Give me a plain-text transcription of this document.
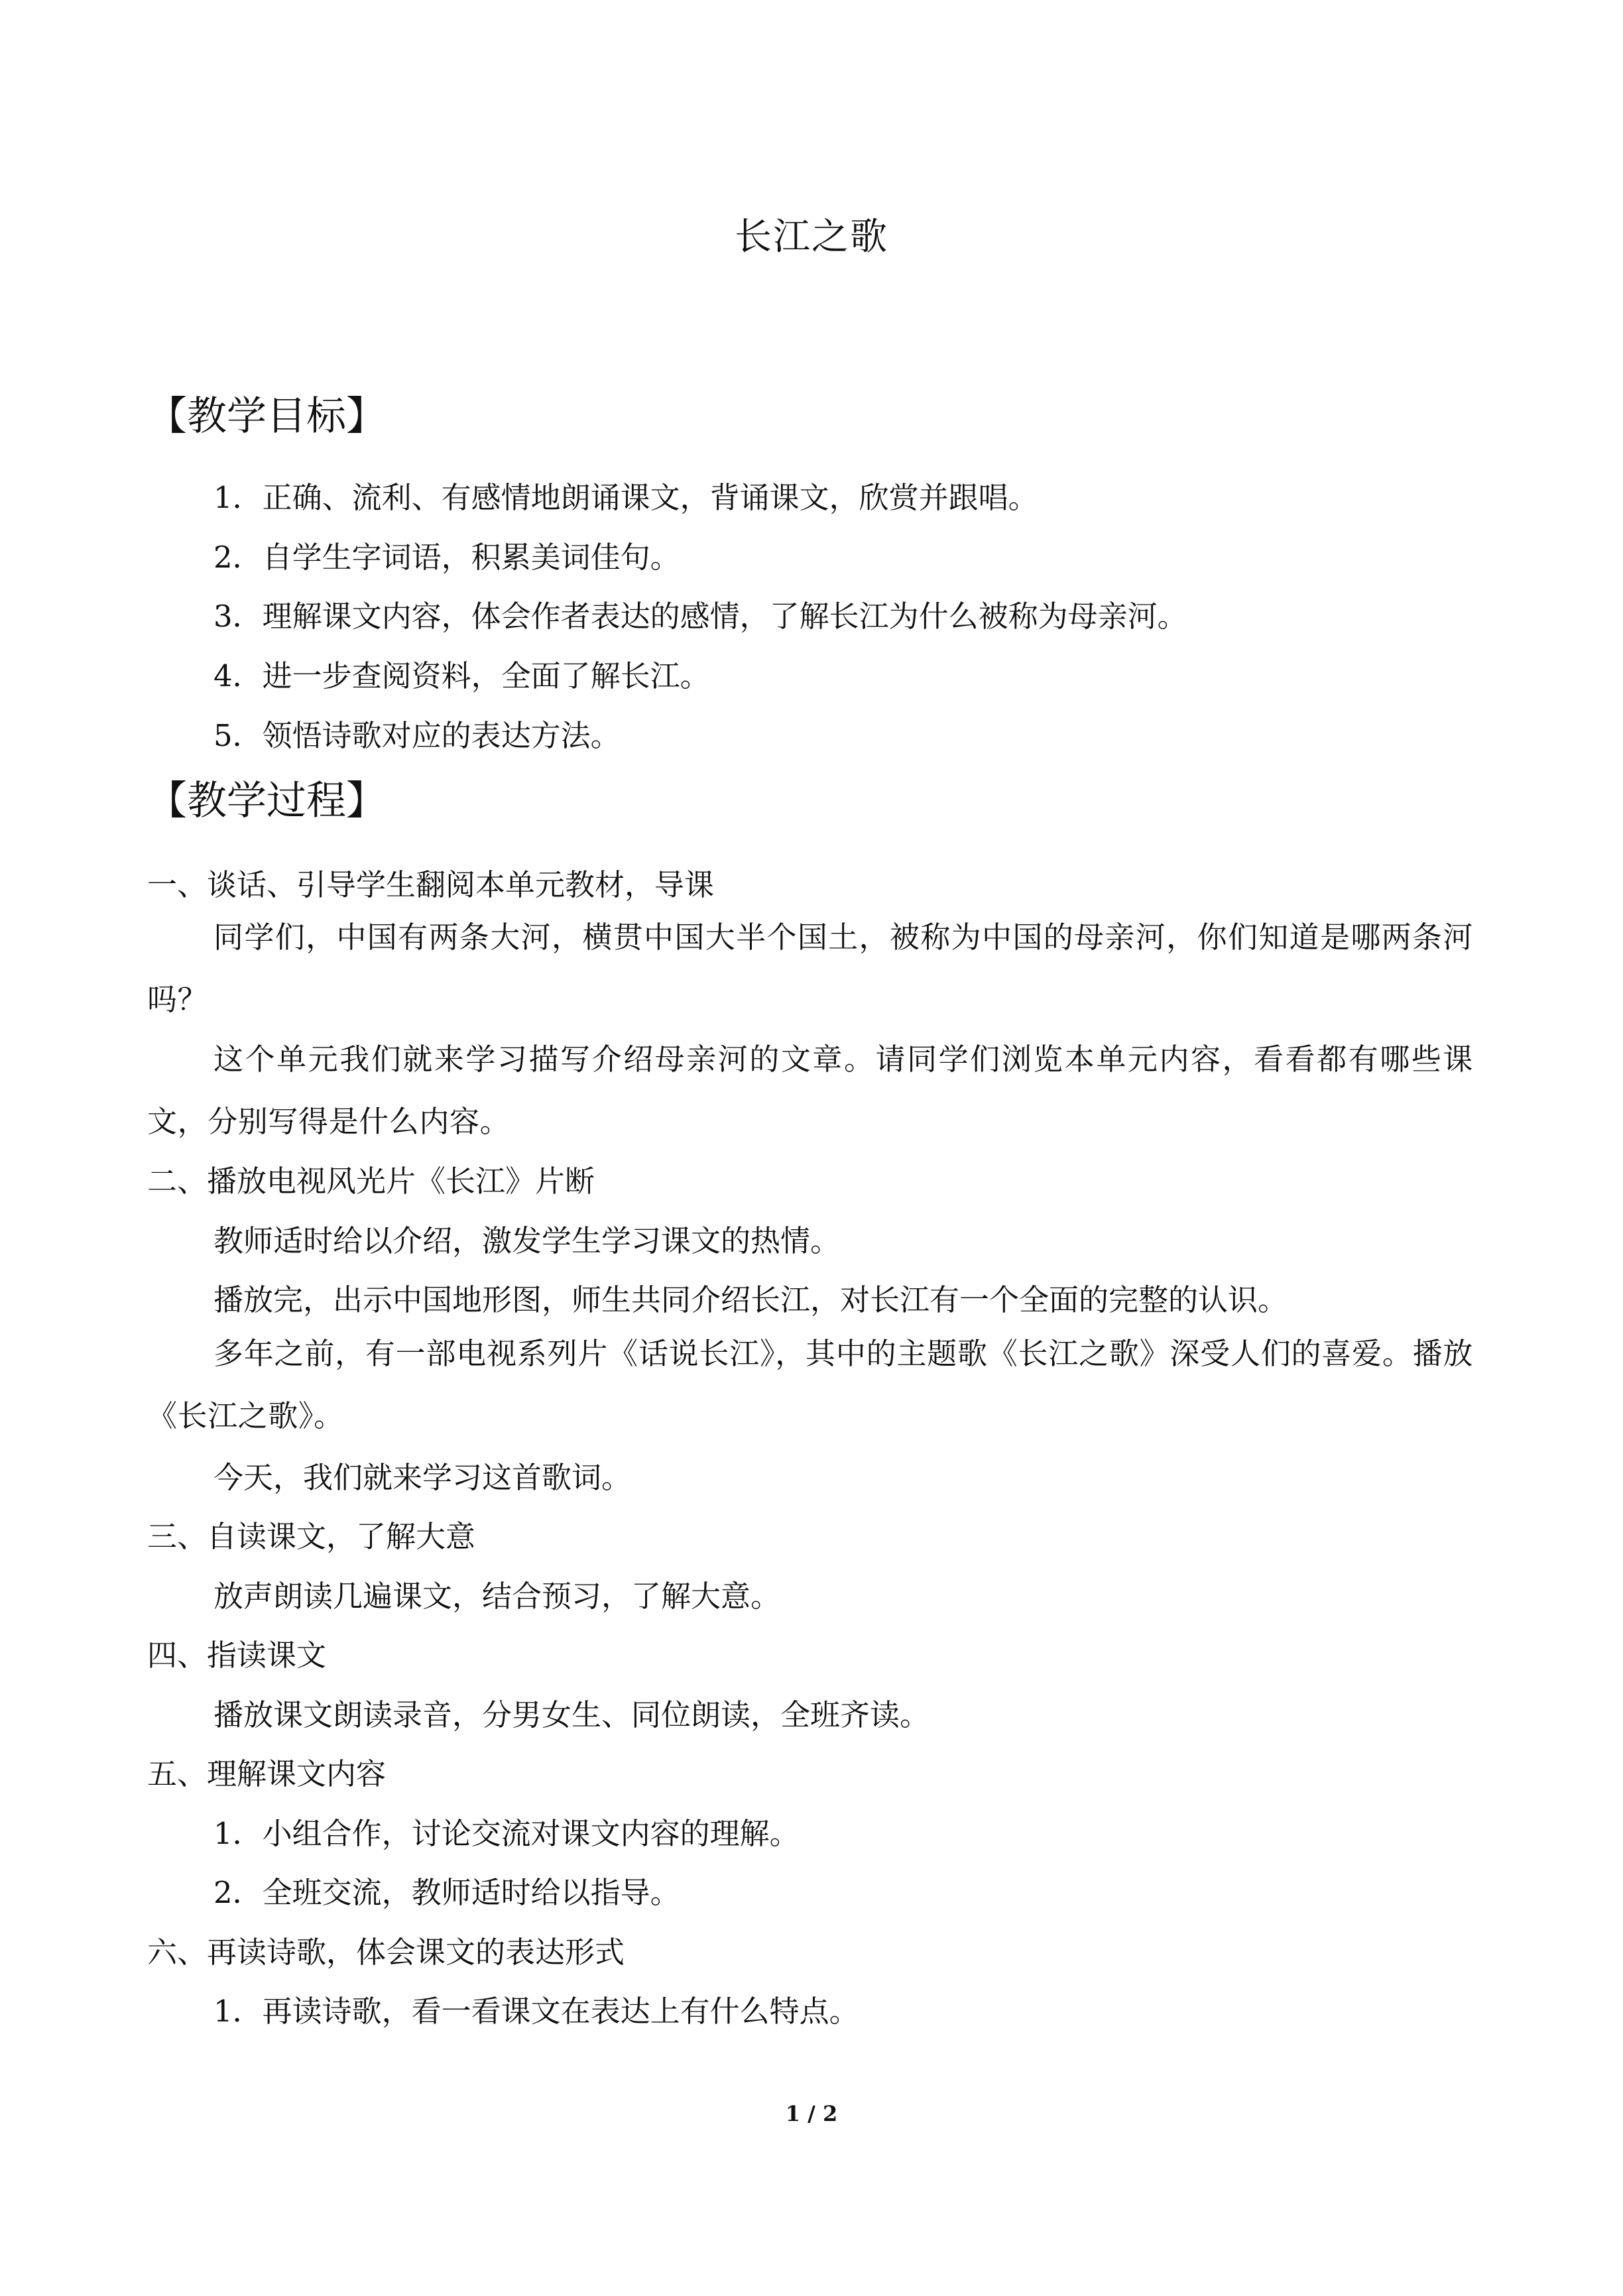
长江之歌
【教学目标】
1．正确、流利、有感情地朗诵课文，背诵课文，欣赏并跟唱。
2．自学生字词语，积累美词佳句。
3．理解课文内容，体会作者表达的感情，了解长江为什么被称为母亲河。
4．进一步查阅资料，全面了解长江。
5．领悟诗歌对应的表达方法。
【教学过程】
一、谈话、引导学生翻阅本单元教材，导课
同学们，中国有两条大河，横贯中国大半个国土，被称为中国的母亲河，你们知道是哪两条河吗？
这个单元我们就来学习描写介绍母亲河的文章。请同学们浏览本单元内容，看看都有哪些课文，分别写得是什么内容。
二、播放电视风光片《长江》片断
教师适时给以介绍，激发学生学习课文的热情。
播放完，出示中国地形图，师生共同介绍长江，对长江有一个全面的完整的认识。
多年之前，有一部电视系列片《话说长江》，其中的主题歌《长江之歌》深受人们的喜爱。播放《长江之歌》。
今天，我们就来学习这首歌词。
三、自读课文，了解大意
放声朗读几遍课文，结合预习，了解大意。
四、指读课文
播放课文朗读录音，分男女生、同位朗读，全班齐读。
五、理解课文内容
1．小组合作，讨论交流对课文内容的理解。
2．全班交流，教师适时给以指导。
六、再读诗歌，体会课文的表达形式
1．再读诗歌，看一看课文在表达上有什么特点。
1 / 2
